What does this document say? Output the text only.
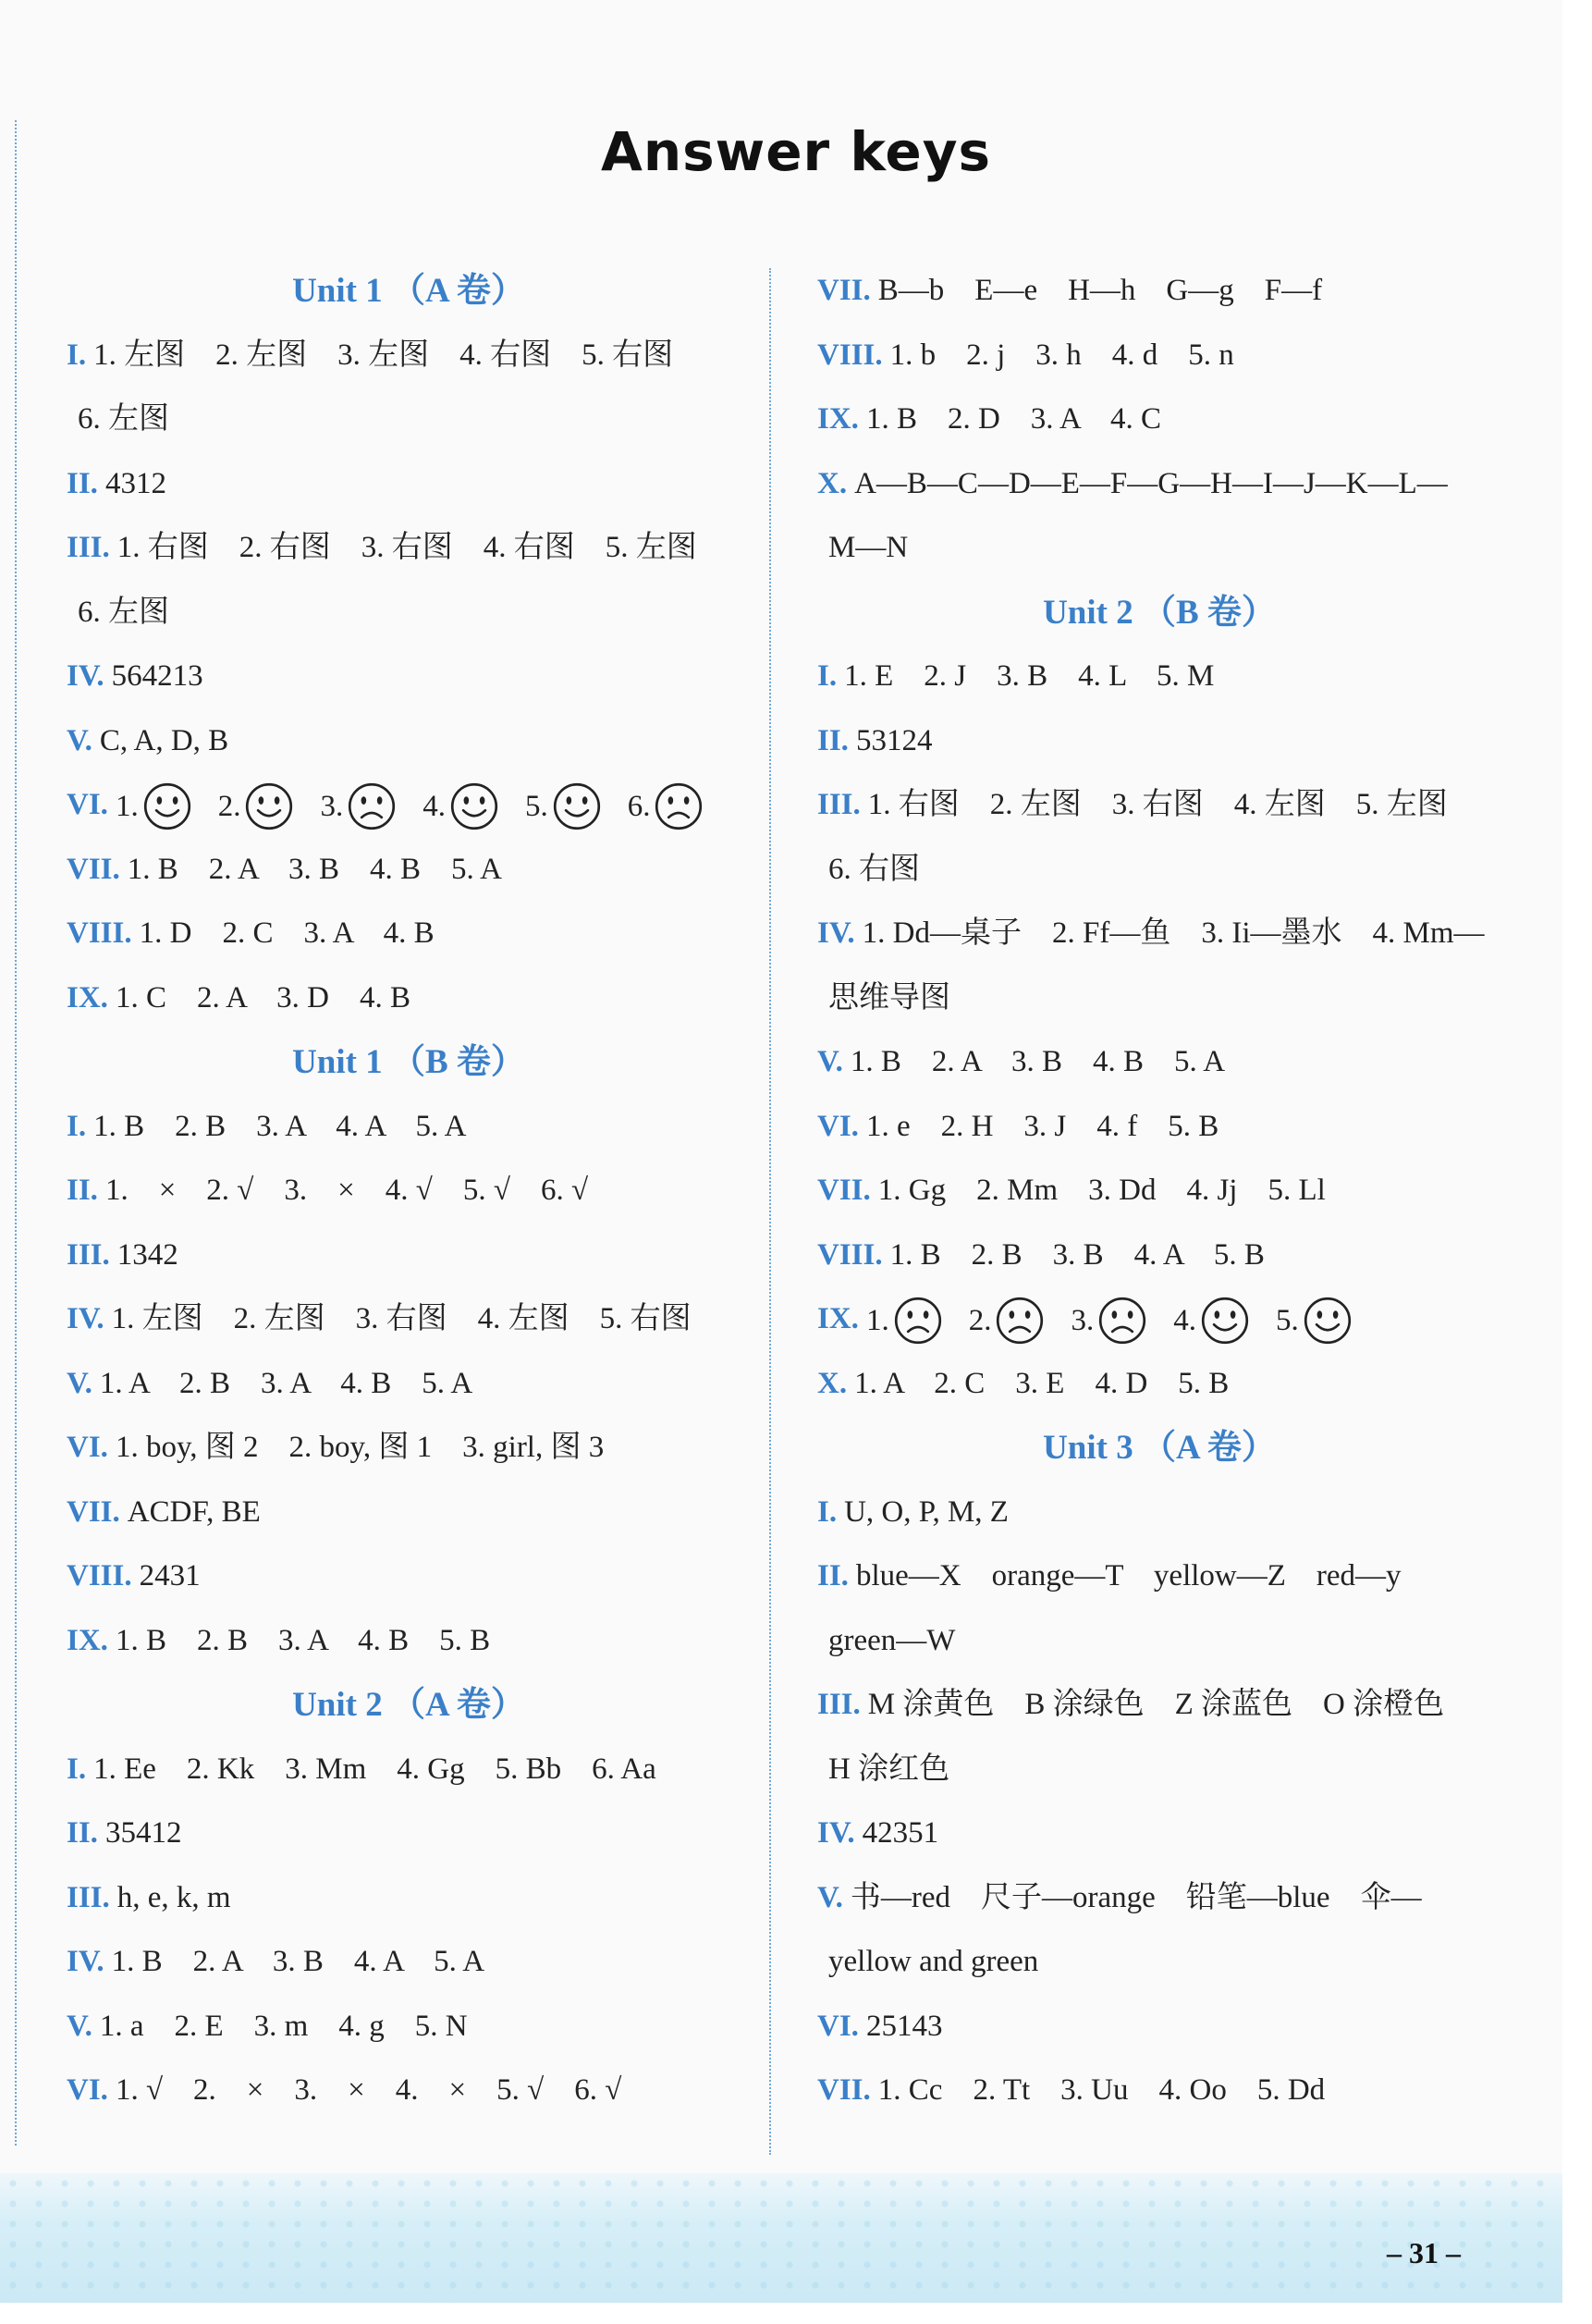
Answer keys
Unit 1 （A 卷）
I. 1. 左图　2. 左图　3. 左图　4. 右图　5. 右图
6. 左图
II. 4312
III. 1. 右图　2. 右图　3. 右图　4. 右图　5. 左图
6. 左图
IV. 564213
V. C, A, D, B
VI. 1.	2.	3.	4.	5.	6.
VII. 1. B　2. A　3. B　4. B　5. A
VIII. 1. D　2. C　3. A　4. B
IX. 1. C　2. A　3. D　4. B
Unit 1 （B 卷）
I. 1. B　2. B　3. A　4. A　5. A
II. 1.　×　2. √　3.　×　4. √　5. √　6. √
III. 1342
IV. 1. 左图　2. 左图　3. 右图　4. 左图　5. 右图
V. 1. A　2. B　3. A　4. B　5. A
VI. 1. boy, 图 2　2. boy, 图 1　3. girl, 图 3
VII. ACDF, BE
VIII. 2431
IX. 1. B　2. B　3. A　4. B　5. B
Unit 2 （A 卷）
I. 1. Ee　2. Kk　3. Mm　4. Gg　5. Bb　6. Aa
II. 35412
III. h, e, k, m
IV. 1. B　2. A　3. B　4. A　5. A
V. 1. a　2. E　3. m　4. g　5. N
VI. 1. √　2.　×　3.　×　4.　×　5. √　6. √
VII. B—b　E—e　H—h　G—g　F—f
VIII. 1. b　2. j　3. h　4. d　5. n
IX. 1. B　2. D　3. A　4. C
X. A—B—C—D—E—F—G—H—I—J—K—L—
M—N
Unit 2 （B 卷）
I. 1. E　2. J　3. B　4. L　5. M
II. 53124
III. 1. 右图　2. 左图　3. 右图　4. 左图　5. 左图
6. 右图
IV. 1. Dd—桌子　2. Ff—鱼　3. Ii—墨水　4. Mm—
思维导图
V. 1. B　2. A　3. B　4. B　5. A
VI. 1. e　2. H　3. J　4. f　5. B
VII. 1. Gg　2. Mm　3. Dd　4. Jj　5. Ll
VIII. 1. B　2. B　3. B　4. A　5. B
IX. 1.	2.	3.	4.	5.
X. 1. A　2. C　3. E　4. D　5. B
Unit 3 （A 卷）
I. U, O, P, M, Z
II. blue—X　orange—T　yellow—Z　red—y
green—W
III. M 涂黄色　B 涂绿色　Z 涂蓝色　O 涂橙色
H 涂红色
IV. 42351
V. 书—red　尺子—orange　铅笔—blue　伞—
yellow and green
VI. 25143
VII. 1. Cc　2. Tt　3. Uu　4. Oo　5. Dd
– 31 –
